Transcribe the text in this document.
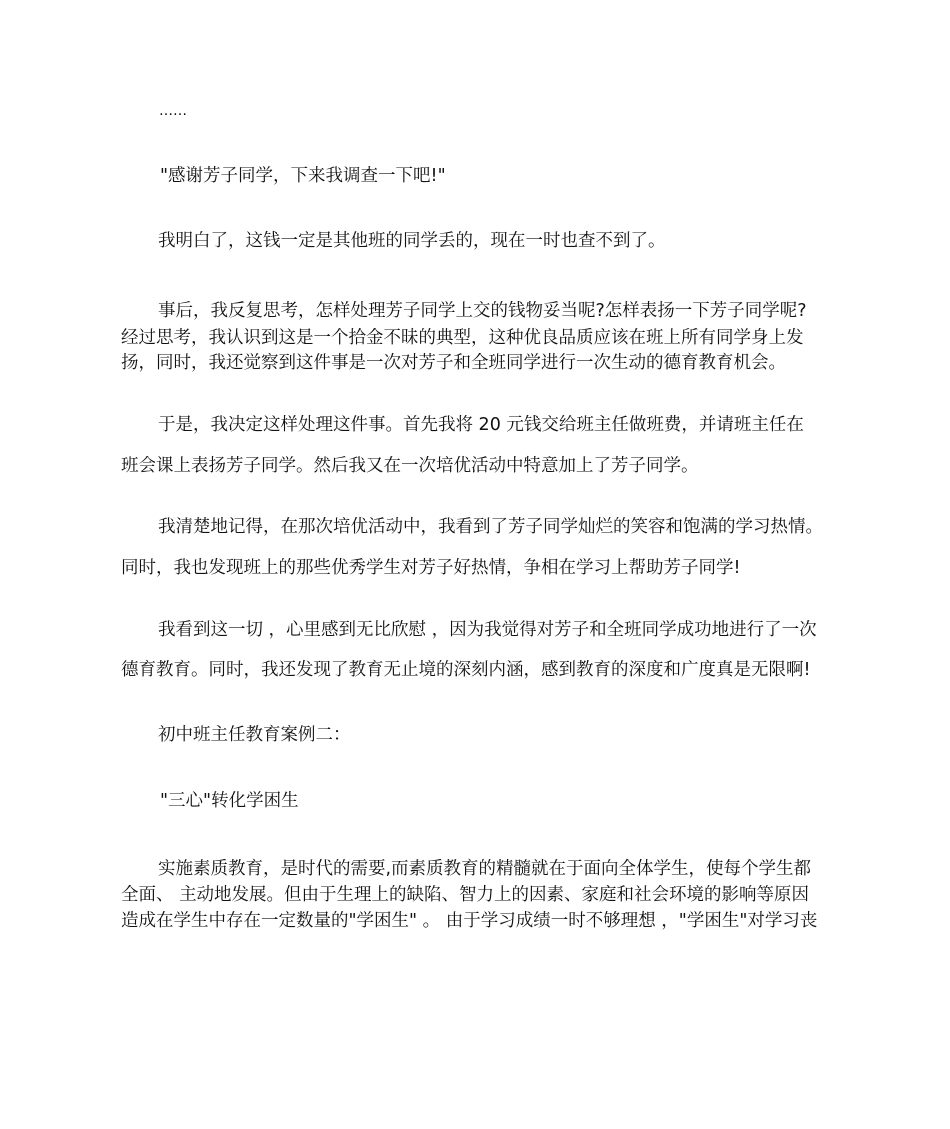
……
"感谢芳子同学，下来我调查一下吧!"
我明白了，这钱一定是其他班的同学丢的，现在一时也查不到了。
事后，我反复思考，怎样处理芳子同学上交的钱物妥当呢?怎样表扬一下芳子同学呢?
经过思考，我认识到这是一个拾金不昧的典型，这种优良品质应该在班上所有同学身上发
扬，同时，我还觉察到这件事是一次对芳子和全班同学进行一次生动的德育教育机会。
于是，我决定这样处理这件事。首先我将 20 元钱交给班主任做班费，并请班主任在
班会课上表扬芳子同学。然后我又在一次培优活动中特意加上了芳子同学。
我清楚地记得，在那次培优活动中，我看到了芳子同学灿烂的笑容和饱满的学习热情。
同时，我也发现班上的那些优秀学生对芳子好热情，争相在学习上帮助芳子同学!
我看到这一切 ，心里感到无比欣慰 ，因为我觉得对芳子和全班同学成功地进行了一次
德育教育。同时，我还发现了教育无止境的深刻内涵，感到教育的深度和广度真是无限啊!
初中班主任教育案例二：
"三心"转化学困生
实施素质教育，是时代的需要,而素质教育的精髓就在于面向全体学生，使每个学生都
全面、 主动地发展。但由于生理上的缺陷、智力上的因素、家庭和社会环境的影响等原因
造成在学生中存在一定数量的"学困生" 。 由于学习成绩一时不够理想 ，"学困生"对学习丧
